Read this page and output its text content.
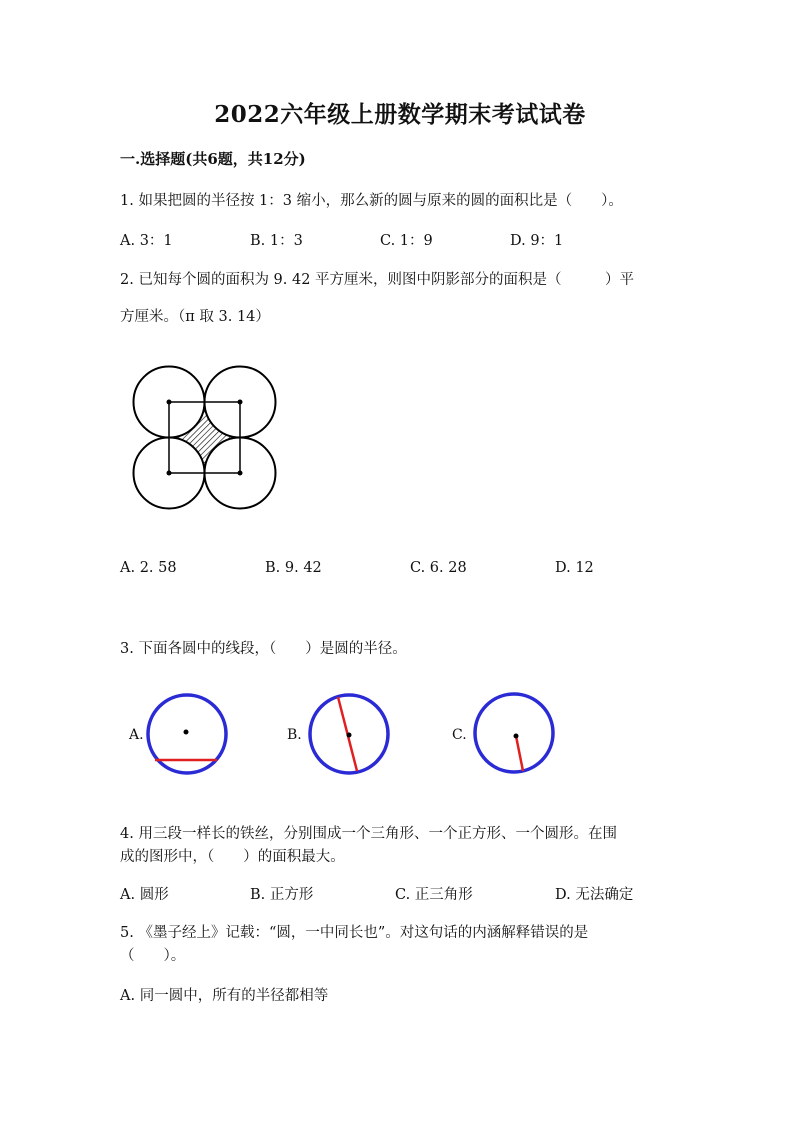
2022六年级上册数学期末考试试卷
一.选择题(共6题，共12分)
1. 如果把圆的半径按 1：3 缩小，那么新的圆与原来的圆的面积比是（　　）。
A. 3：1	B. 1：3	C. 1：9	D. 9：1
2. 已知每个圆的面积为 9. 42 平方厘米，则图中阴影部分的面积是（　　　）平
方厘米。（π 取 3. 14）
A. 2. 58	B. 9. 42	C. 6. 28	D. 12
3. 下面各圆中的线段，（　　）是圆的半径。
A.	B.	C.
4. 用三段一样长的铁丝，分别围成一个三角形、一个正方形、一个圆形。在围
成的图形中，（　　）的面积最大。
A. 圆形	B. 正方形	C. 正三角形	D. 无法确定
5. 《墨子经上》记载：“圆，一中同长也”。对这句话的内涵解释错误的是
（　　）。
A. 同一圆中，所有的半径都相等
